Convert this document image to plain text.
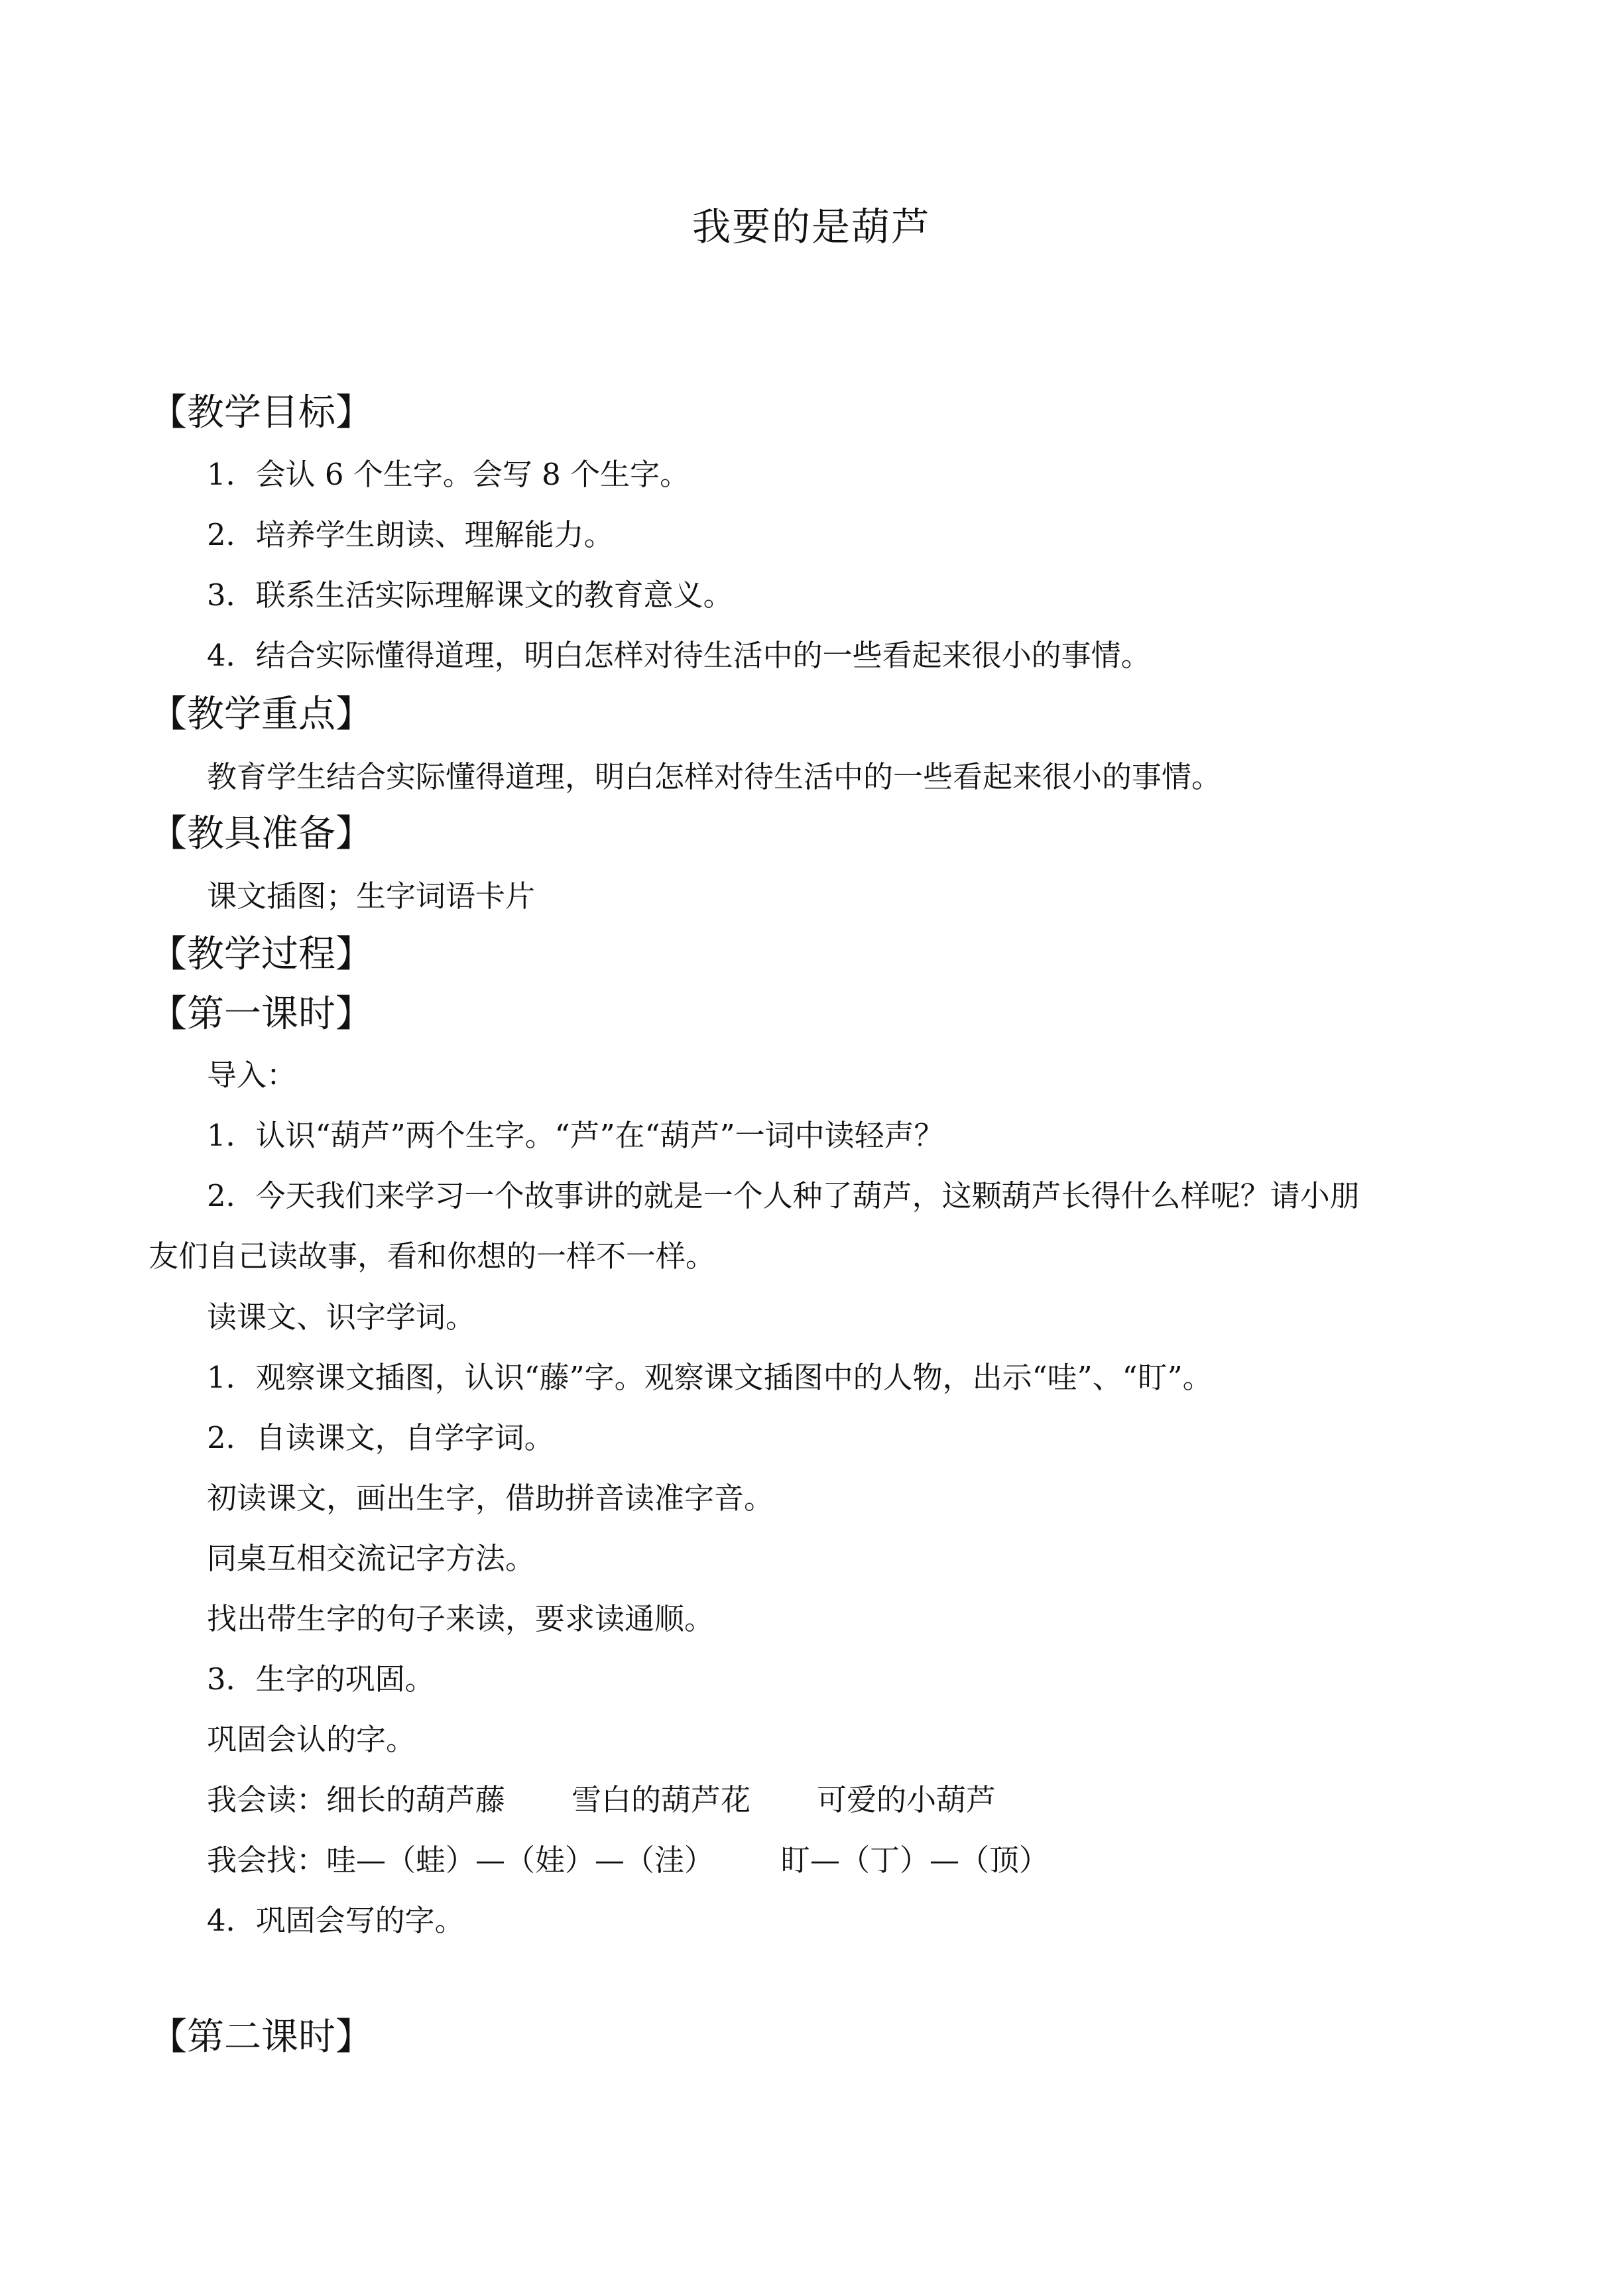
我要的是葫芦
【教学目标】
1．会认 6 个生字。会写 8 个生字。
2．培养学生朗读、理解能力。
3．联系生活实际理解课文的教育意义。
4．结合实际懂得道理，明白怎样对待生活中的一些看起来很小的事情。
【教学重点】
教育学生结合实际懂得道理，明白怎样对待生活中的一些看起来很小的事情。
【教具准备】
课文插图；生字词语卡片
【教学过程】
【第一课时】
导入：
1．认识“葫芦”两个生字。“芦”在“葫芦”一词中读轻声？
2．今天我们来学习一个故事讲的就是一个人种了葫芦，这颗葫芦长得什么样呢？请小朋
友们自己读故事，看和你想的一样不一样。
读课文、识字学词。
1．观察课文插图，认识“藤”字。观察课文插图中的人物，出示“哇”、“盯”。
2．自读课文，自学字词。
初读课文，画出生字，借助拼音读准字音。
同桌互相交流记字方法。
找出带生字的句子来读，要求读通顺。
3．生字的巩固。
巩固会认的字。
我会读：细长的葫芦藤 雪白的葫芦花 可爱的小葫芦
我会找：哇—（蛙）—（娃）—（洼） 盯—（丁）—（顶）
4．巩固会写的字。
【第二课时】
